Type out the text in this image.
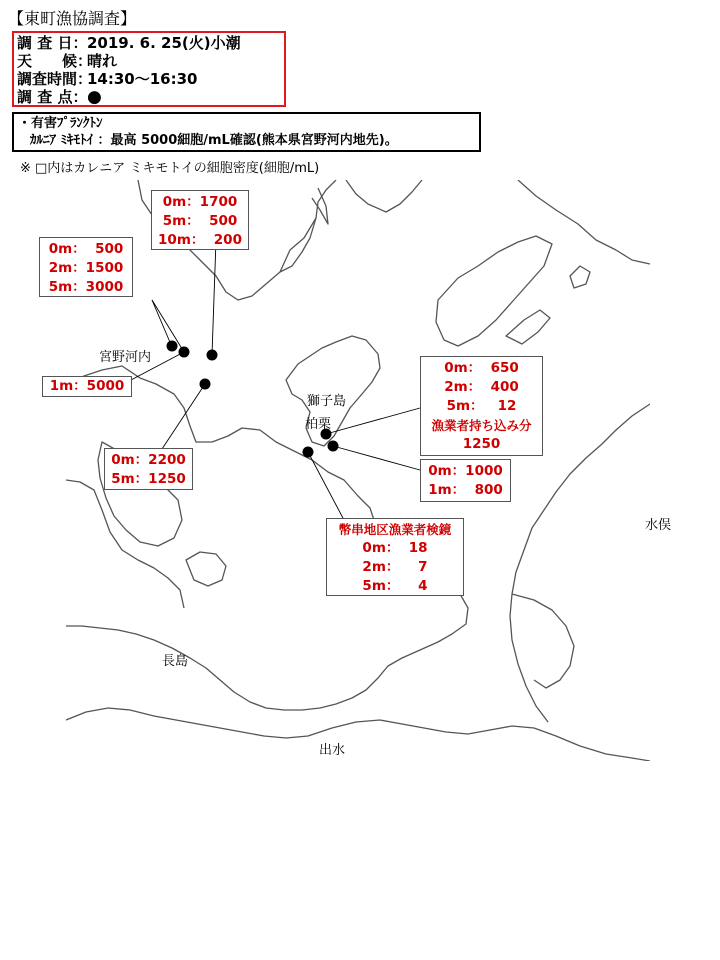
【東町漁協調査】
調 査 日： 2019. 6. 25(火)小潮
天　　候：
晴れ
調査時間：
14:30～16:30
調 査 点： ●
・有害ﾌﾟﾗﾝｸﾄﾝ
ｶﾙﾆｱ ﾐｷﾓﾄｲ ：最高 5000細胞/mL確認(熊本県宮野河内地先)。
※ □内はカレニア ミキモトイの細胞密度(細胞/mL)
宮野河内
獅子島
柏栗
水俣
長島
出水
0m：1700
5m：  500
10m：  200
0m：  500
2m：1500
5m：3000
1m：5000
0m：2200
5m：1250
0m：  650
2m：  400
5m：   12
漁業者持ち込み分
1250
0m：1000
1m：  800
幣串地区漁業者検鏡
0m：  18
2m：    7
5m：    4
